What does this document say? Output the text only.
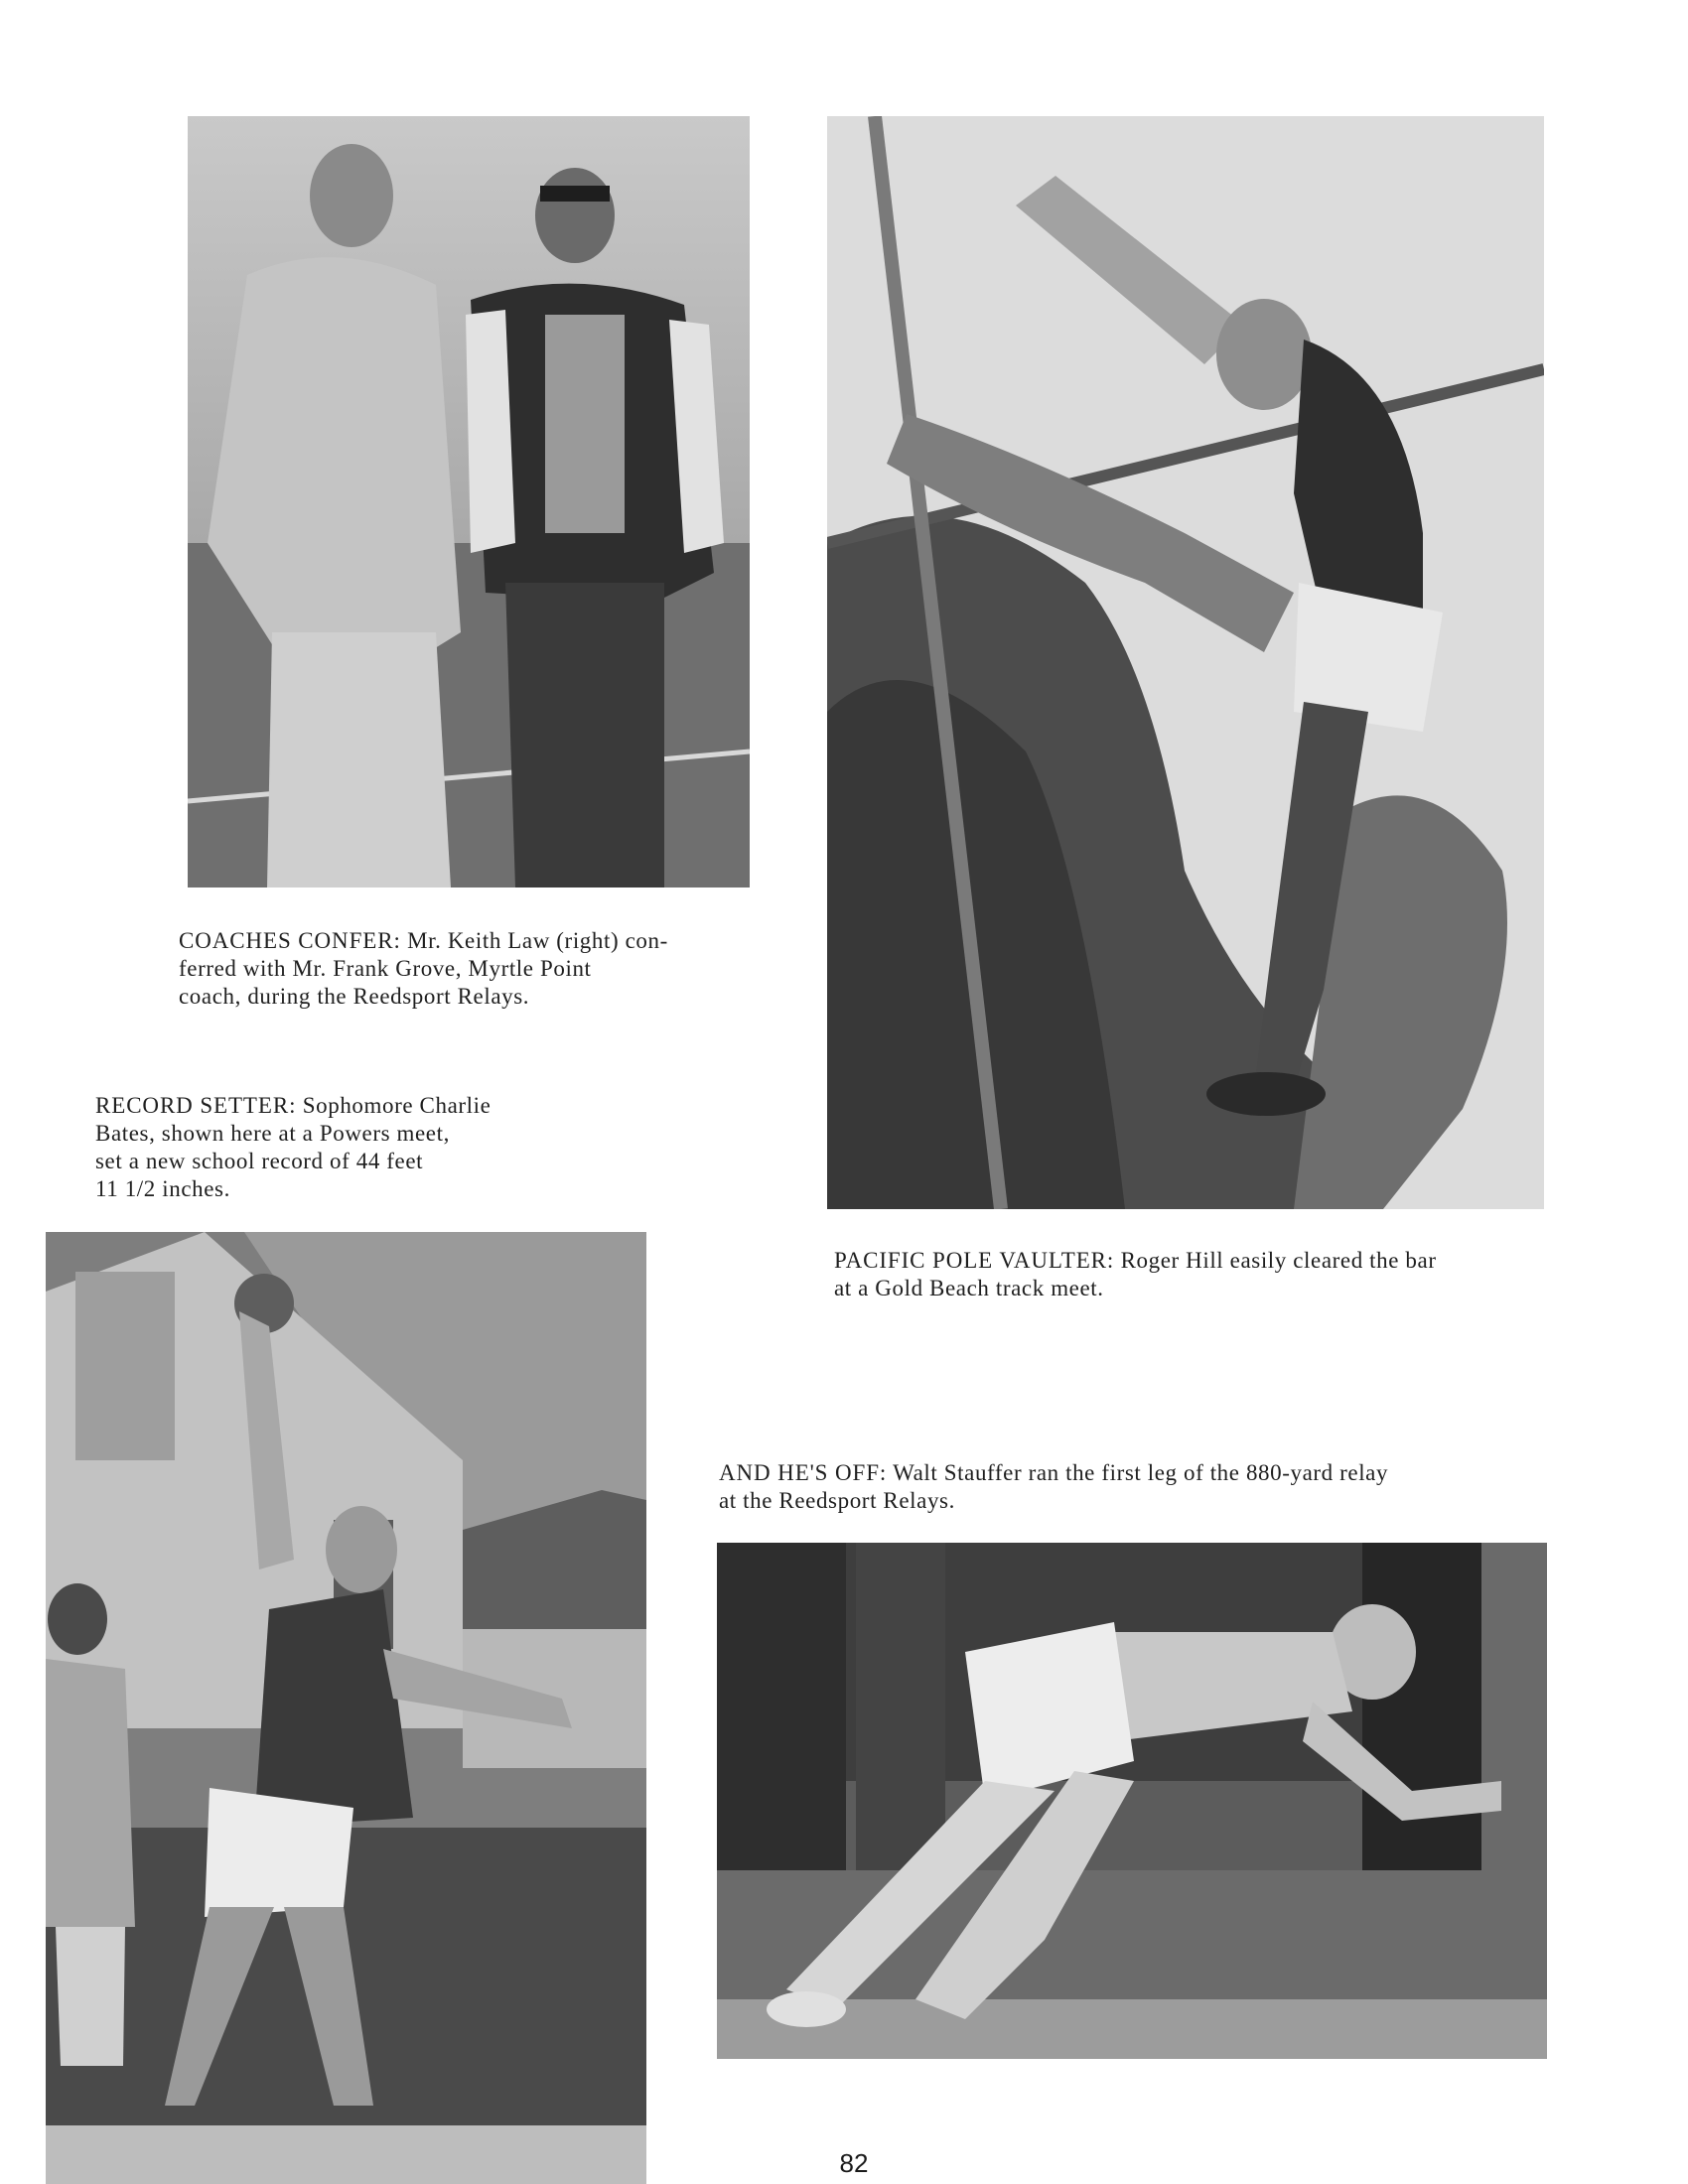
COACHES CONFER: Mr. Keith Law (right) con-
ferred with Mr. Frank Grove, Myrtle Point
coach, during the Reedsport Relays.
RECORD SETTER: Sophomore Charlie
Bates, shown here at a Powers meet,
set a new school record of 44 feet
11 1/2 inches.
PACIFIC POLE VAULTER: Roger Hill easily cleared the bar
at a Gold Beach track meet.
AND HE'S OFF: Walt Stauffer ran the first leg of the 880-yard relay
at the Reedsport Relays.
82
